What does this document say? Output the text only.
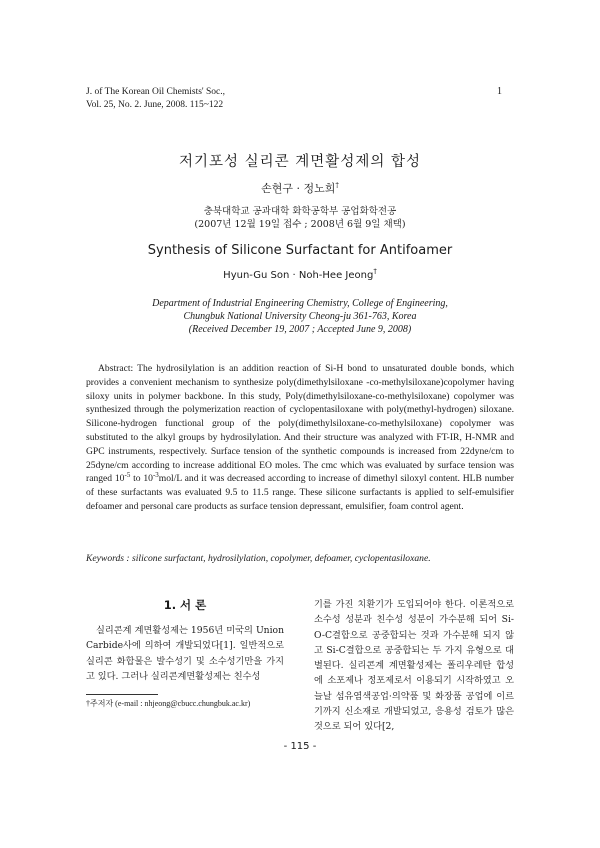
J. of The Korean Oil Chemists' Soc.,
Vol. 25, No. 2. June, 2008. 115~122
1
저기포성 실리콘 계면활성제의 합성
손현구 · 정노희†
충북대학교 공과대학 화학공학부 공업화학전공
(2007년 12월 19일 접수 ; 2008년 6월 9일 채택)
Synthesis of Silicone Surfactant for Antifoamer
Hyun-Gu Son · Noh-Hee Jeong†
Department of Industrial Engineering Chemistry, College of Engineering,
Chungbuk National University Cheong-ju 361-763, Korea
(Received December 19, 2007 ; Accepted June 9, 2008)
Abstract: The hydrosilylation is an addition reaction of Si-H bond to unsaturated double bonds, which provides a convenient mechanism to synthesize poly(dimethylsiloxane -co-methylsiloxane)copolymer having siloxy units in polymer backbone. In this study, Poly(dimethylsiloxane-co-methylsiloxane) copolymer was synthesized through the polymerization reaction of cyclopentasiloxane with poly(methyl-hydrogen) siloxane. Silicone-hydrogen functional group of the poly(dimethylsiloxane-co-methylsiloxane) copolymer was substituted to the alkyl groups by hydrosilylation. And their structure was analyzed with FT-IR, H-NMR and GPC instruments, respectively. Surface tension of the synthetic compounds is increased from 22dyne/cm to 25dyne/cm according to increase additional EO moles. The cmc which was evaluated by surface tension was ranged $10^{-5}$ to $10^{-3}mol/L$ and it was decreased according to increase of dimethyl siloxyl content. HLB number of these surfactants was evaluated 9.5 to 11.5 range. These silicone surfactants is applied to self-emulsifier defoamer and personal care products as surface tension depressant, emulsifier, foam control agent.
Keywords : silicone surfactant, hydrosilylation, copolymer, defoamer, cyclopentasiloxane.
1. 서 론
실리콘계 계면활성제는 1956년 미국의 Union Carbide사에 의하여 개발되었다[1]. 일반적으로 실리콘 화합물은 발수성기 및 소수성기만을 가지고 있다. 그러나 실리콘계면활성제는 친수성
기를 가진 치환기가 도입되어야 한다. 이론적으로 소수성 성분과 친수성 성분이 가수분해 되어 Si-O-C결합으로 공중합되는 것과 가수분해 되지 않고 Si-C결합으로 공중합되는 두 가지 유형으로 대별된다. 실리콘계 계면활성제는 폴리우레탄 합성에 소포제나 정포제로서 이용되기 시작하였고 오늘날 섬유염색공업·의약품 및 화장품 공업에 이르기까지 신소재로 개발되었고, 응용성 검토가 많은 것으로 되어 있다[2,
†주저자 (e-mail : nhjeong@cbucc.chungbuk.ac.kr)
- 115 -
